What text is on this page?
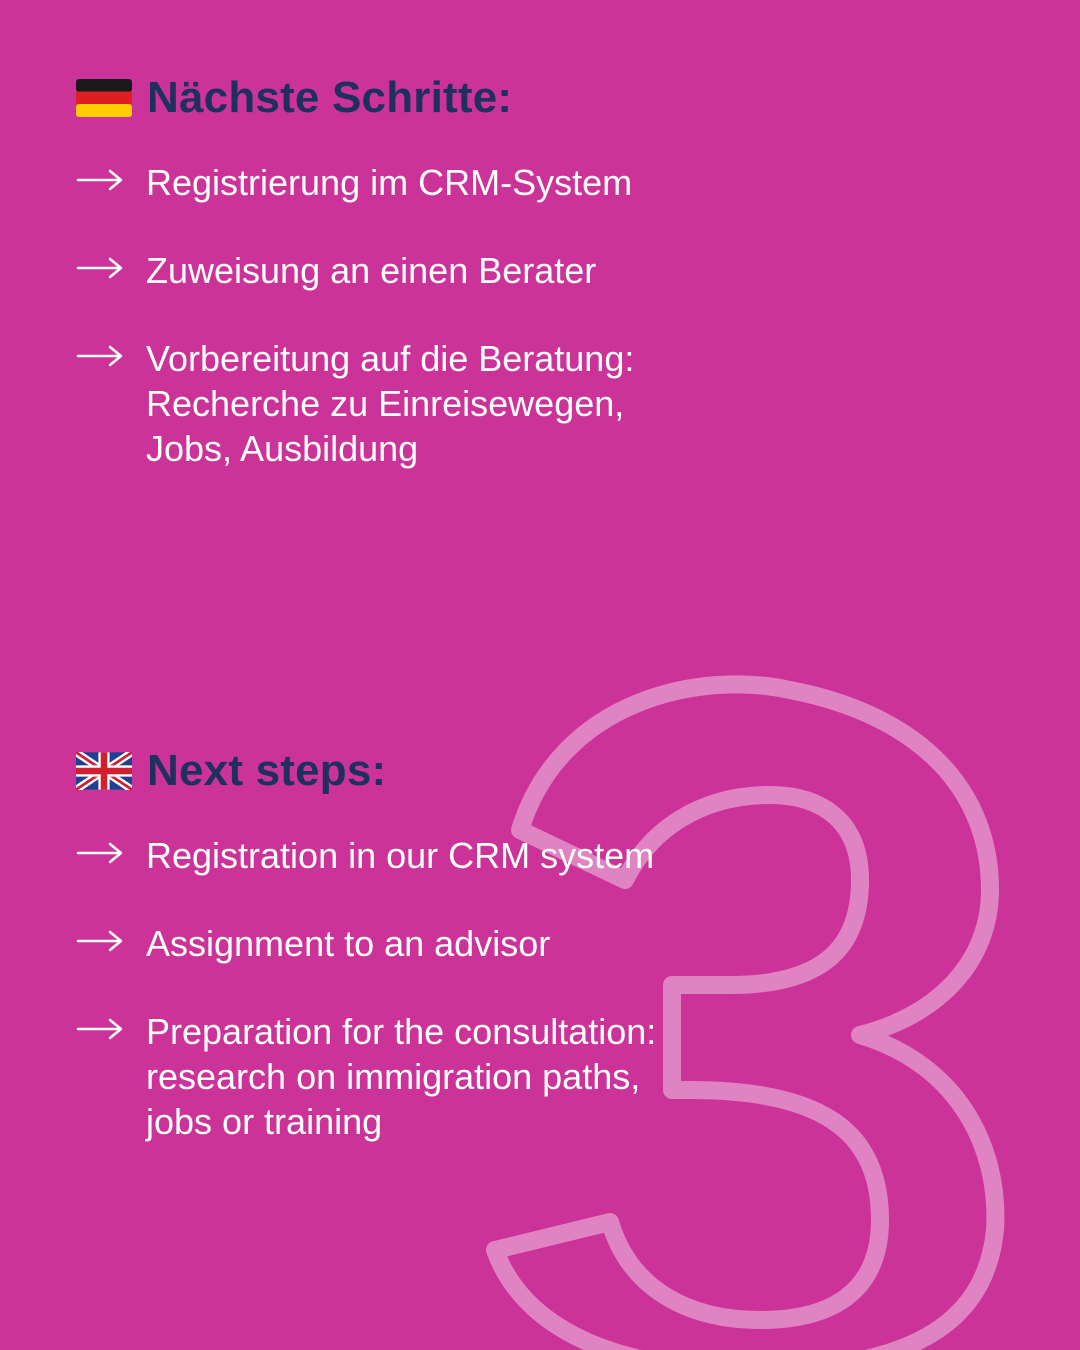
Nächste Schritte:
Registrierung im CRM-System
Zuweisung an einen Berater
Vorbereitung auf die Beratung: Recherche zu Einreisewegen, Jobs, Ausbildung
Next steps:
Registration in our CRM system
Assignment to an advisor
Preparation for the consultation: research on immigration paths, jobs or training
